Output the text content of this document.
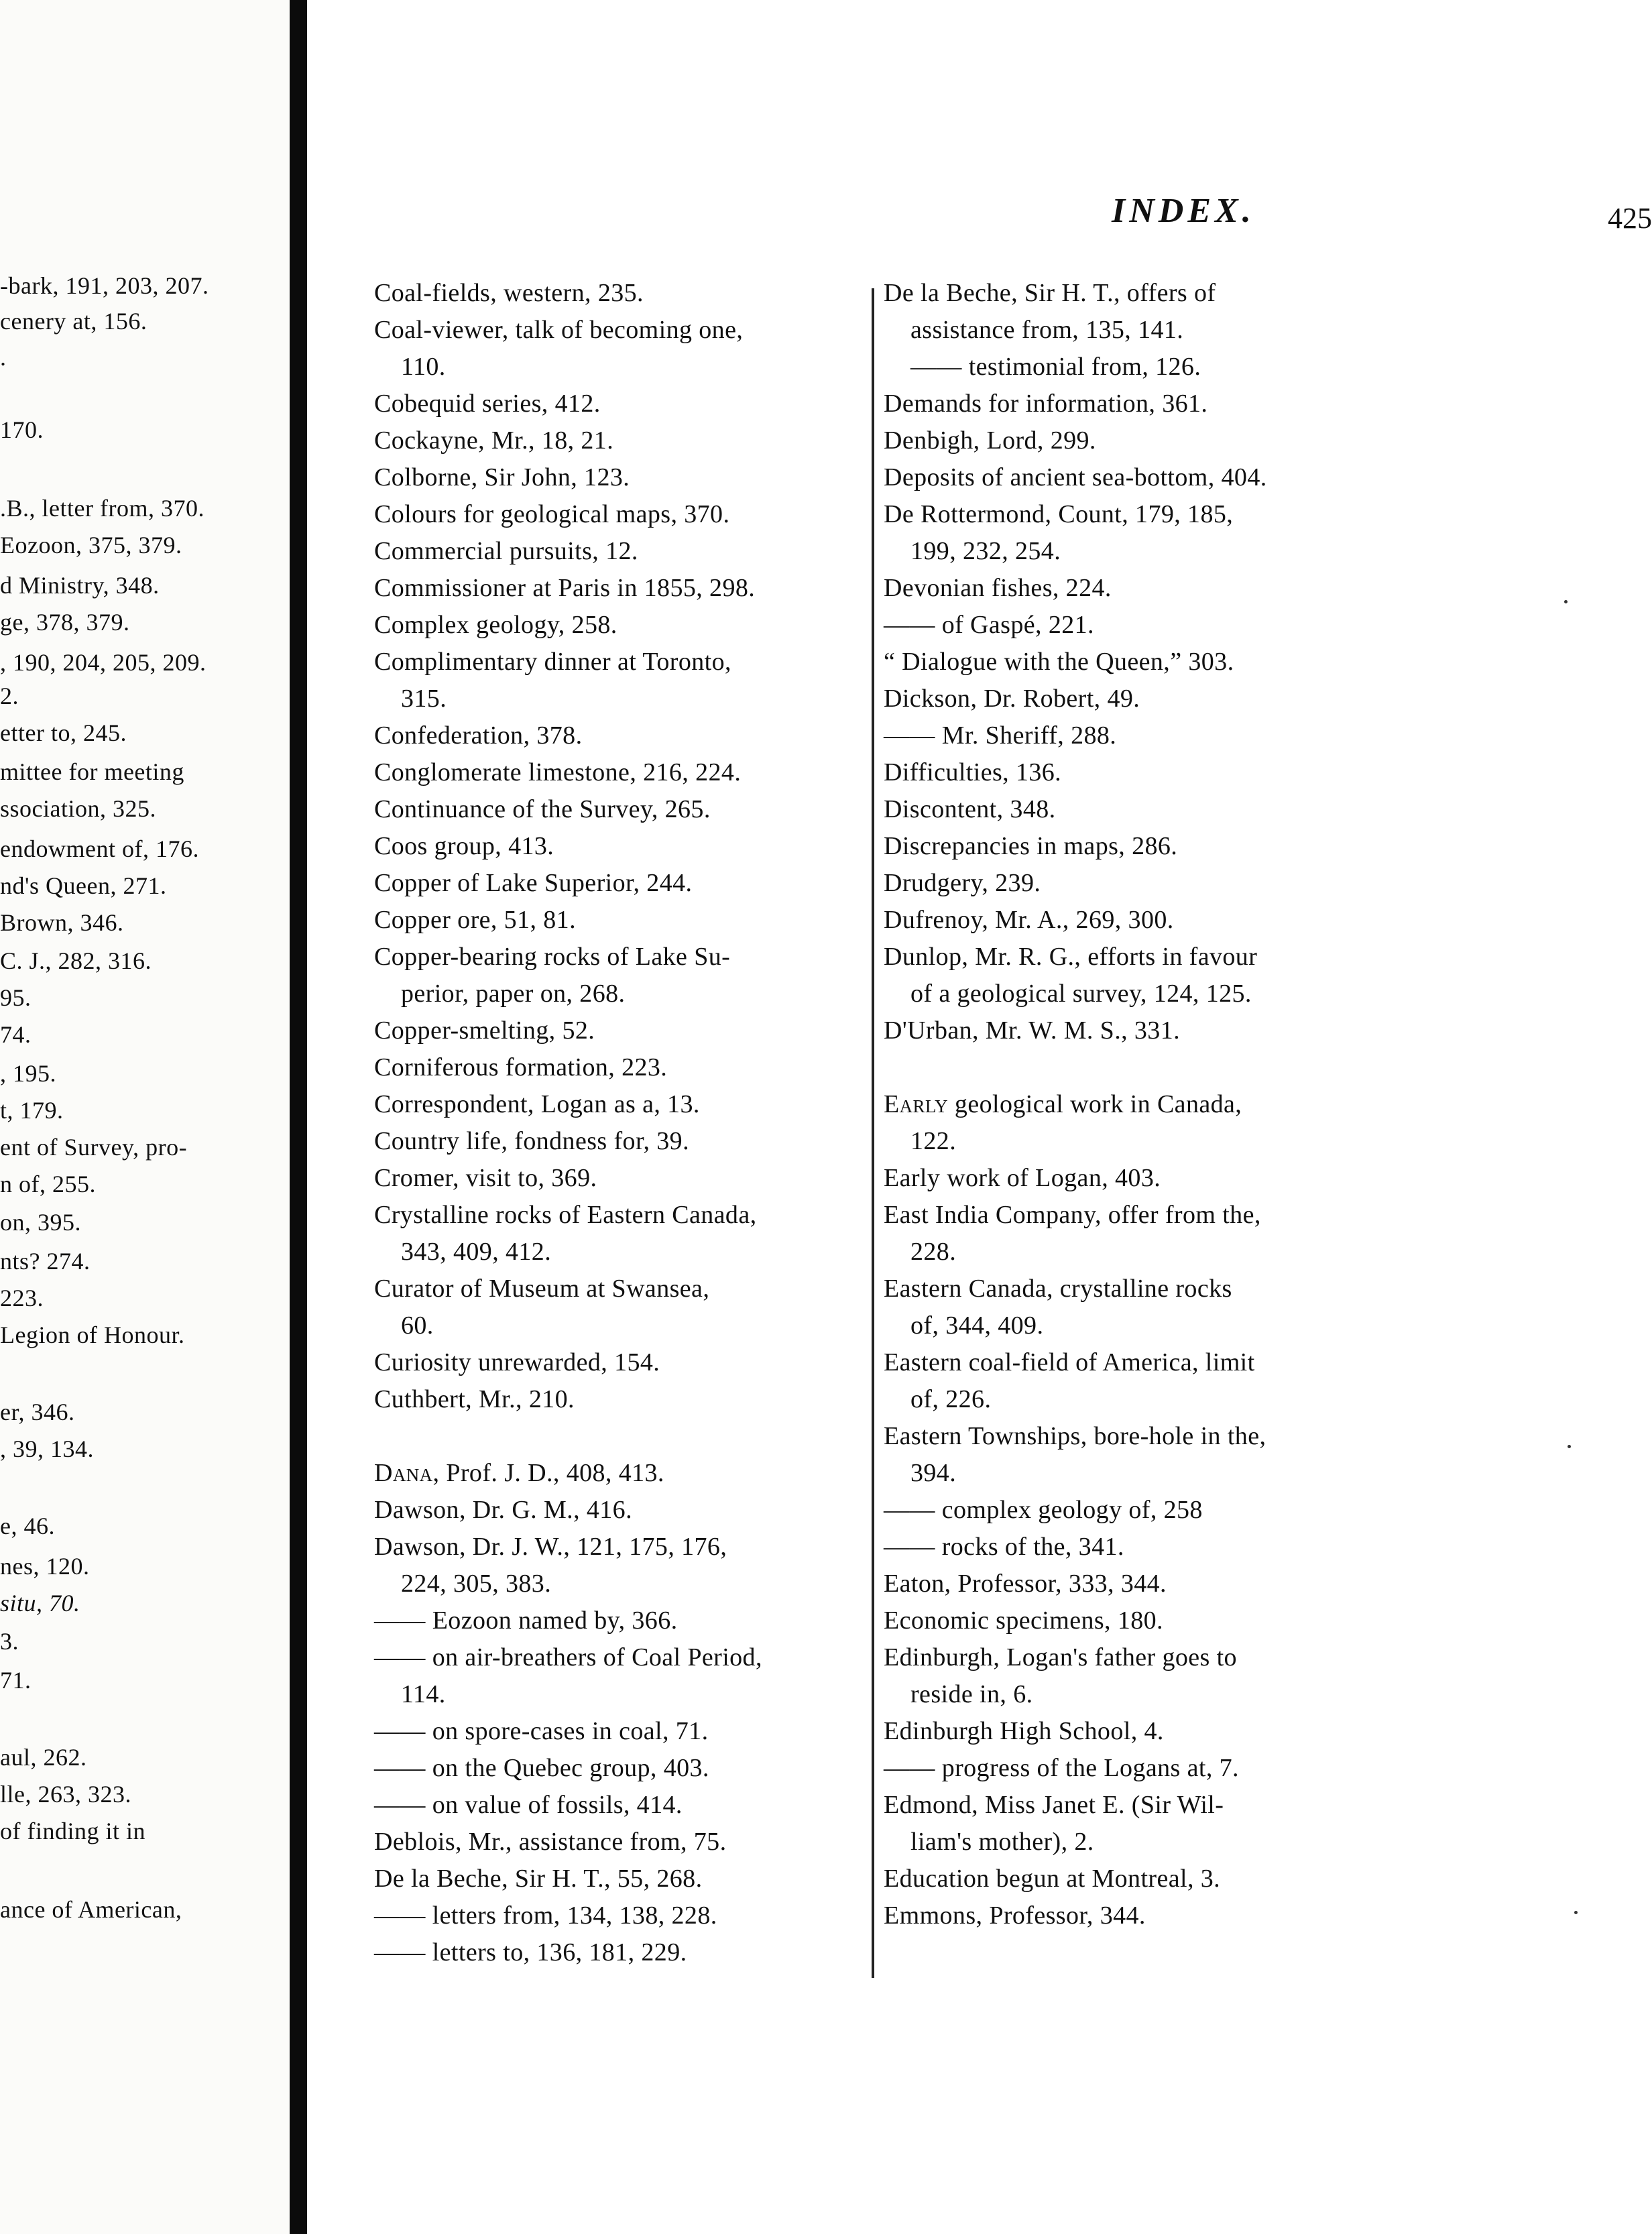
-bark, 191, 203, 207.
cenery at, 156.
.
170.
.B., letter from, 370.
Eozoon, 375, 379.
d Ministry, 348.
ge, 378, 379.
, 190, 204, 205, 209.
2.
etter to, 245.
mittee for meeting
ssociation, 325.
endowment of, 176.
nd's Queen, 271.
Brown, 346.
C. J., 282, 316.
95.
74.
, 195.
t, 179.
ent of Survey, pro-
n of, 255.
on, 395.
nts? 274.
223.
Legion of Honour.
er, 346.
, 39, 134.
e, 46.
nes, 120.
situ, 70.
3.
71.
aul, 262.
lle, 263, 323.
of finding it in
ance of American,
INDEX.	425
Coal-fields, western, 235.
Coal-viewer, talk of becoming one,
110.
Cobequid series, 412.
Cockayne, Mr., 18, 21.
Colborne, Sir John, 123.
Colours for geological maps, 370.
Commercial pursuits, 12.
Commissioner at Paris in 1855, 298.
Complex geology, 258.
Complimentary dinner at Toronto,
315.
Confederation, 378.
Conglomerate limestone, 216, 224.
Continuance of the Survey, 265.
Coos group, 413.
Copper of Lake Superior, 244.
Copper ore, 51, 81.
Copper-bearing rocks of Lake Su-
perior, paper on, 268.
Copper-smelting, 52.
Corniferous formation, 223.
Correspondent, Logan as a, 13.
Country life, fondness for, 39.
Cromer, visit to, 369.
Crystalline rocks of Eastern Canada,
343, 409, 412.
Curator of Museum at Swansea,
60.
Curiosity unrewarded, 154.
Cuthbert, Mr., 210.
Dana, Prof. J. D., 408, 413.
Dawson, Dr. G. M., 416.
Dawson, Dr. J. W., 121, 175, 176,
224, 305, 383.
—— Eozoon named by, 366.
—— on air-breathers of Coal Period,
114.
—— on spore-cases in coal, 71.
—— on the Quebec group, 403.
—— on value of fossils, 414.
Deblois, Mr., assistance from, 75.
De la Beche, Sir H. T., 55, 268.
—— letters from, 134, 138, 228.
—— letters to, 136, 181, 229.
De la Beche, Sir H. T., offers of
assistance from, 135, 141.
—— testimonial from, 126.
Demands for information, 361.
Denbigh, Lord, 299.
Deposits of ancient sea-bottom, 404.
De Rottermond, Count, 179, 185,
199, 232, 254.
Devonian fishes, 224.
—— of Gaspé, 221.
“ Dialogue with the Queen,” 303.
Dickson, Dr. Robert, 49.
—— Mr. Sheriff, 288.
Difficulties, 136.
Discontent, 348.
Discrepancies in maps, 286.
Drudgery, 239.
Dufrenoy, Mr. A., 269, 300.
Dunlop, Mr. R. G., efforts in favour
of a geological survey, 124, 125.
D'Urban, Mr. W. M. S., 331.
Early geological work in Canada,
122.
Early work of Logan, 403.
East India Company, offer from the,
228.
Eastern Canada, crystalline rocks
of, 344, 409.
Eastern coal-field of America, limit
of, 226.
Eastern Townships, bore-hole in the,
394.
—— complex geology of, 258
—— rocks of the, 341.
Eaton, Professor, 333, 344.
Economic specimens, 180.
Edinburgh, Logan's father goes to
reside in, 6.
Edinburgh High School, 4.
—— progress of the Logans at, 7.
Edmond, Miss Janet E. (Sir Wil-
liam's mother), 2.
Education begun at Montreal, 3.
Emmons, Professor, 344.
